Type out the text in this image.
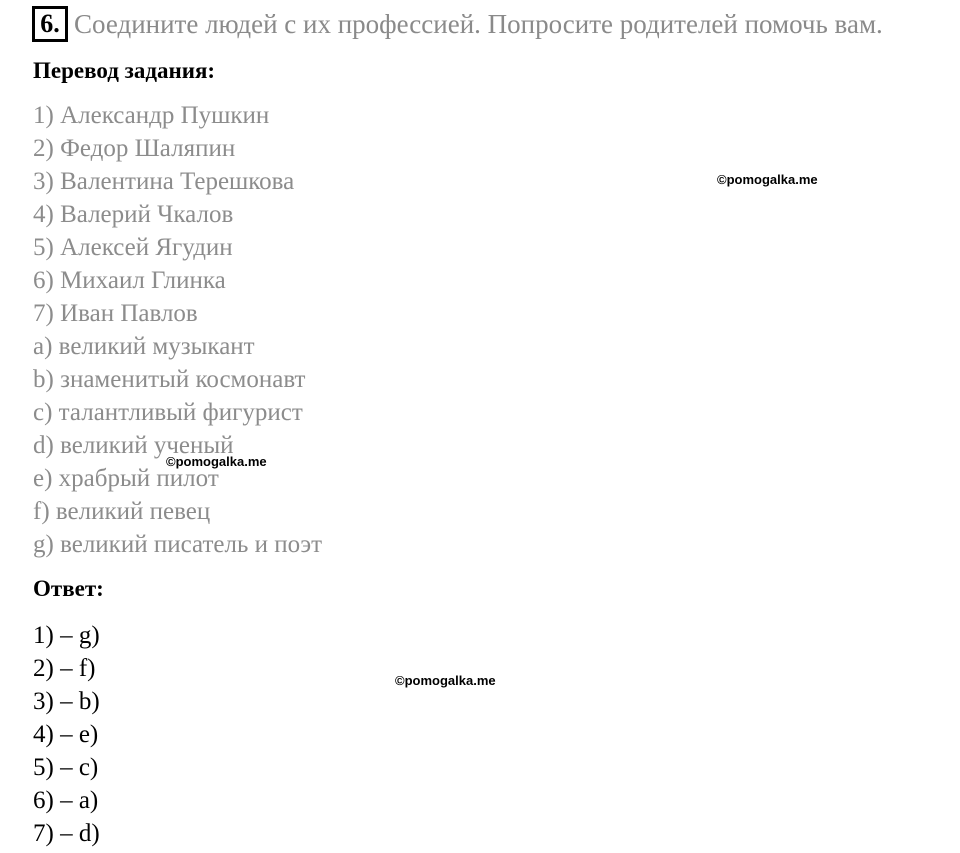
6. Соедините людей с их профессией. Попросите родителей помочь вам.
Перевод задания:
1) Александр Пушкин
2) Федор Шаляпин
3) Валентина Терешкова
4) Валерий Чкалов
5) Алексей Ягудин
6) Михаил Глинка
7) Иван Павлов
a) великий музыкант
b) знаменитый космонавт
c) талантливый фигурист
d) великий ученый
e) храбрый пилот
f) великий певец
g) великий писатель и поэт
Ответ:
1) – g)
2) – f)
3) – b)
4) – e)
5) – c)
6) – a)
7) – d)
©pomogalka.me
©pomogalka.me
©pomogalka.me
